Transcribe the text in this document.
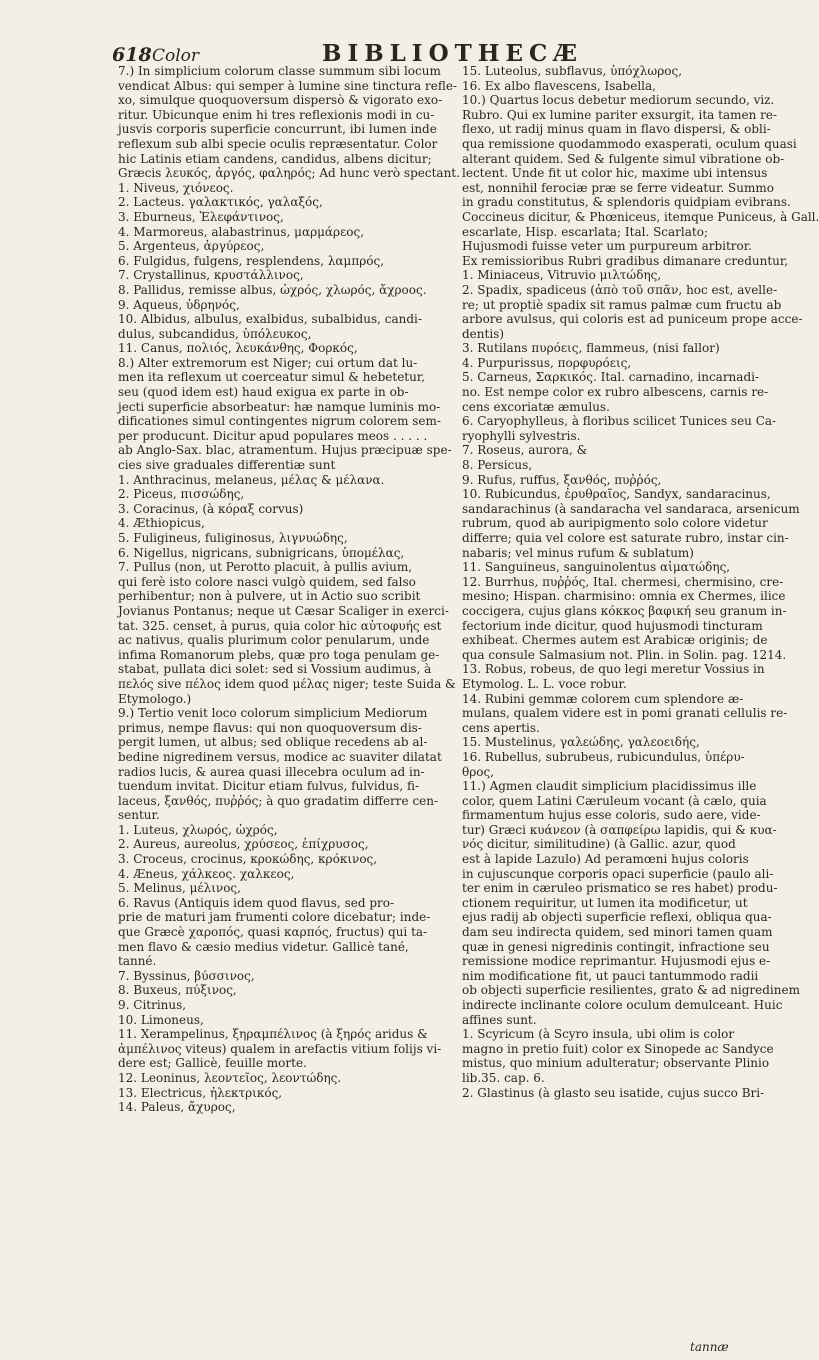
618 Color	BIBLIOTHECÆ
7.) In simplicium colorum classe summum sibi locum
vendicat Albus: qui semper à lumine sine tinctura refle-
xo, simulque quoquoversum dispersò & vigorato exo-
ritur. Ubicunque enim hi tres reflexionis modi in cu-
jusvis corporis superficie concurrunt, ibi lumen inde
reflexum sub albi specie oculis repræsentatur. Color
hic Latinis etiam candens, candidus, albens dicitur;
Græcis λευκός, ἀργός, φαληρός; Ad hunc verò spectant.
1. Niveus, χιόνεος.
2. Lacteus. γαλακτικός, γαλαξός,
3. Eburneus, Ἐλεφάντινος,
4. Marmoreus, alabastrinus, μαρμάρεος,
5. Argenteus, ἀργύρεος,
6. Fulgidus, fulgens, resplendens, λαμπρός,
7. Crystallinus, κρυστάλλινος,
8. Pallidus, remisse albus, ὠχρός, χλωρός, ἄχροος.
9. Aqueus, ὑδρηνός,
10. Albidus, albulus, exalbidus, subalbidus, candi-
dulus, subcandidus, ὑπόλευκος,
11. Canus, πολιός, λευκάνθης, Φορκός,
8.) Alter extremorum est Niger; cui ortum dat lu-
men ita reflexum ut coerceatur simul & hebetetur,
seu (quod idem est) haud exiguа ex parte in ob-
jecti superficie absorbeatur: hæ namque luminis mo-
dificationes simul contingentes nigrum colorem sem-
per producunt. Dicitur apud populares meos . . . . .
ab Anglo-Sax. blac, atramentum. Hujus præcipuæ spe-
cies sive graduales differentiæ sunt
1. Anthracinus, melaneus, μέλας & μέλανα.
2. Piceus, πισσώδης,
3. Coracinus, (à κόραξ corvus)
4. Æthiopicus,
5. Fuligineus, fuliginosus, λιγνυώδης,
6. Nigellus, nigricans, subnigricans, ὑπομέλας,
7. Pullus (non, ut Perotto placuit, à pullis avium,
qui ferè isto colore nasci vulgò quidem, sed falso
perhibentur; non à pulvere, ut in Actio suo scribit
Jovianus Pontanus; neque ut Cæsar Scaliger in exerci-
tat. 325. censet, à purus, quia color hic αὐτοφυής est
ac nativus, qualis plurimum color penularum, unde
infima Romanorum plebs, quæ pro toga penulam ge-
stabat, pullata dici solet: sed si Vossium audimus, à
πελός sive πέλος idem quod μέλας niger; teste Suida &
Etymologo.)
9.) Tertio venit loco colorum simplicium Mediorum
primus, nempe flavus: qui non quoquoversum dis-
pergit lumen, ut albus; sed oblique recedens ab al-
bedine nigredinem versus, modice ac suaviter dilatat
radios lucis, & aurea quasi illecebra oculum ad in-
tuendum invitat. Dicitur etiam fulvus, fulvidus, fi-
laceus, ξανθός, πυῤῥός; à quo gradatim differre cen-
sentur.
1. Luteus, χλωρός, ὠχρός,
2. Aureus, aureolus, χρύσεος, ἐπίχρυσος,
3. Croceus, crocinus, κροκώδης, κρόκινος,
4. Æneus, χάλκεος. χαλκεος,
5. Melinus, μέλινος,
6. Ravus (Antiquis idem quod flavus, sed pro-
prie de maturi jam frumenti colore dicebatur; inde-
que Græcè χαροπός, quasi καρπός, fructus) qui ta-
men flavo & cæsio medius videtur. Gallicè tané,
tanné.
7. Byssinus, βύσσινος,
8. Buxeus, πύξινος,
9. Citrinus,
10. Limoneus,
11. Xerampelinus, ξηραμπέλινος (à ξηρός aridus &
ἀμπέλινος viteus) qualem in arefactis vitium folijs vi-
dere est; Gallicè, feuille morte.
12. Leoninus, λεοντεῖος, λεοντώδης.
13. Electricus, ἠλεκτρικός,
14. Paleus, ἄχυρος,
15. Luteolus, subflavus, ὑπόχλωρος,
16. Ex albo flavescens, Isabella,
10.) Quartus locus debetur mediorum secundo, viz.
Rubro. Qui ex lumine pariter exsurgit, ita tamen re-
flexo, ut radij minus quam in flavo dispersi, & obli-
qua remissione quodammodo exasperati, oculum quasi
alterant quidem. Sed & fulgente simul vibratione ob-
lectent. Unde fit ut color hic, maxime ubi intensus
est, nonnihil ferociæ præ se ferre videatur. Summo
in gradu constitutus, & splendoris quidpiam evibrans.
Coccineus dicitur, & Phœniceus, itemque Puniceus, à Gall.
escarlate, Hisp. escarlata; Ital. Scarlato;
Hujusmodi fuisse veter um purpureum arbitror.
Ex remissioribus Rubri gradibus dimanare creduntur,
1. Miniaceus, Vitruvio μιλτώδης,
2. Spadix, spadiceus (ἀπὸ τοῦ σπᾶν, hoc est, avelle-
re; ut proptiè spadix sit ramus palmæ cum fructu ab
arbore avulsus, qui coloris est ad punicеum prope acce-
dentis)
3. Rutilans πυρόεις, flammeus, (nisi fallor)
4. Purpurissus, πορφυρόεις,
5. Carneus, Σαρκικός. Ital. carnadino, incarnadi-
no. Est nempe color ex rubro albescens, carnis re-
cens excoriatæ æmulus.
6. Caryophylleus, à floribus scilicet Tunices seu Ca-
ryophylli sylvestris.
7. Roseus, aurora, &
8. Persicus,
9. Rufus, ruffus, ξανθός, πυῤῥός,
10. Rubicundus, ἐρυθραῖος, Sandyx, sandaracinus,
sandarachinus (à sandaracha vel sandaraca, arsenicum
rubrum, quod ab auripigmento solo colore videtur
differre; quia vel colore est saturate rubro, instar cin-
nabaris; vel minus rufum & sublatum)
11. Sanguineus, sanguinolentus αἱματώδης,
12. Burrhus, πυῤῥός, Ital. chermesi, chermisino, cre-
mesino; Hispan. charmisino: omnia ex Chermes, ilice
coccigera, cujus glans κόκκος βαφική seu granum in-
fectorium inde dicitur, quod hujusmodi tincturam
exhibeat. Chermes autem est Arabicæ originis; de
qua consule Salmasium not. Plin. in Solin. pag. 1214.
13. Robus, robeus, de quo legi meretur Vossius in
Etymolog. L. L. voce robur.
14. Rubini gemmæ colorem cum splendore æ-
mulans, qualem videre est in pomi granati cellulis re-
cens apertis.
15. Mustelinus, γαλεώδης, γαλεοειδής,
16. Rubellus, subrubeus, rubicundulus, ὑπέρυ-
θρος,
11.) Agmen claudit simplicium placidissimus ille
color, quem Latini Cæruleum vocant (à cælo, quia
firmamentum hujus esse coloris, sudo aere, vide-
tur) Græci κυάνεον (à σαπφείρω lapidis, qui & κυα-
νός dicitur, similitudine) (à Gallic. azur, quod
est à lapide Lazulo) Ad peramœni hujus coloris
in cujuscunque corporis opaci superficie (paulo ali-
ter enim in cæruleo prismatico se res habet) produ-
ctionem requiritur, ut lumen ita modificetur, ut
ejus radij ab objecti superficie reflexi, obliqua qua-
dam seu indirecta quidem, sed minori tamen quam
quæ in genesi nigredinis contingit, infractione seu
remissione modice reprimantur. Hujusmodi ejus e-
nim modificatione fit, ut pauci tantummodo radii
ob objecti superficie resilientes, grato & ad nigredinem
indirecte inclinante colore oculum demulceant. Huic
affines sunt.
1. Scyricum (à Scyro insula, ubi olim is color
magno in pretio fuit) color ex Sinopede ac Sandyce
mistus, quo minium adulteratur; observante Plinio
lib.35. cap. 6.
2. Glastinus (à glasto seu isatide, cujus succo Bri-
tannæ
